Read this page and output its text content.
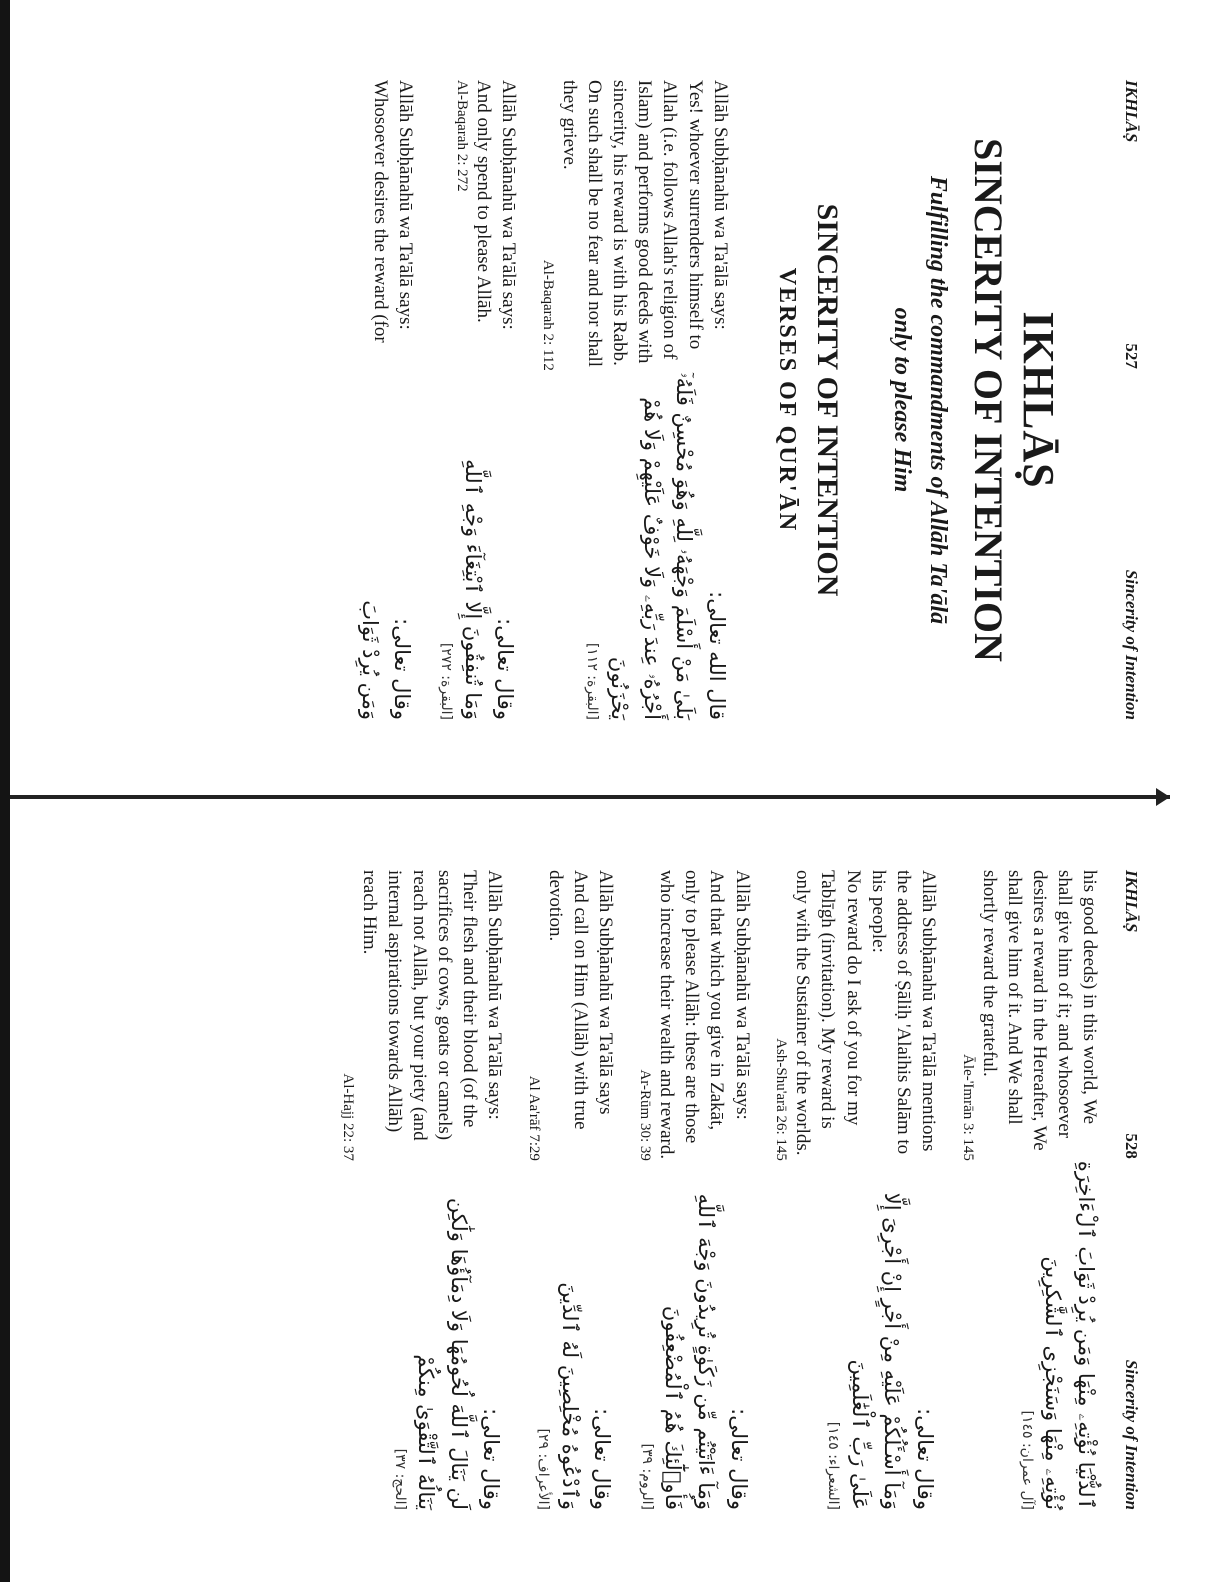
IKHLĀṢ
527
Sincerity of Intention
IKHLĀṢ
SINCERITY OF INTENTION
Fulfilling the commandments of Allāh Ta'ālā only to please Him
SINCERITY OF INTENTION
VERSES OF QUR'ĀN
Allāh Subḥānahū wa Ta'ālā says:
Yes! whoever surrenders himself to Allah (i.e. follows Allah's religion of Islam) and performs good deeds with sincerity, his reward is with his Rabb. On such shall be no fear and nor shall they grieve.
Al-Baqarah 2: 112
قال الله تعالى:
بَلَىٰ مَنْ أَسْلَمَ وَجْهَهُۥ لِلَّهِ وَهُوَ مُحْسِنٌ فَلَهُۥٓ أَجْرُهُۥ عِندَ رَبِّهِۦ وَلَا خَوْفٌ عَلَيْهِمْ وَلَا هُمْ يَحْزَنُونَ
[البقرة: ١١٢]
Allāh Subḥānahū wa Ta'ālā says:
And only spend to please Allāh.
Al-Baqarah 2: 272
وقال تعالى:
وَمَا تُنفِقُونَ إِلَّا ٱبْتِغَآءَ وَجْهِ ٱللَّهِ
[البقرة: ٢٧٢]
Allāh Subḥānahū wa Ta'ālā says:
Whosoever desires the reward (for
وقال تعالى:
وَمَن يُرِدْ ثَوَابَ
IKHLĀṢ
528
Sincerity of Intention
his good deeds) in this world, We shall give him of it; and whosoever desires a reward in the Hereafter, We shall give him of it. And We shall shortly reward the grateful.
Āle-'Imrān 3: 145
ٱلدُّنْيَا نُؤْتِهِۦ مِنْهَا وَمَن يُرِدْ ثَوَابَ ٱلْءَاخِرَةِ نُؤْتِهِۦ مِنْهَا وَسَنَجْزِى ٱلشَّٰكِرِينَ
[آل عمران: ١٤٥]
Allāh Subḥānahū wa Ta'ālā mentions the address of Ṣāliḥ 'Alaihis Salām to his people:
No reward do I ask of you for my Tablīgh (invitation). My reward is only with the Sustainer of the worlds.
Ash-Shu'arā 26: 145
وقال تعالى:
وَمَآ أَسْـَٔلُكُمْ عَلَيْهِ مِنْ أَجْرٍ إِنْ أَجْرِىَ إِلَّا عَلَىٰ رَبِّ ٱلْعَٰلَمِينَ
[الشعراء: ١٤٥]
Allāh Subḥānahū wa Ta'ālā says:
And that which you give in Zakāt, only to please Allāh: these are those who increase their wealth and reward.
Ar-Rūm 30: 39
وقال تعالى:
وَمَآ ءَاتَيْتُم مِّن زَكَوٰةٍ تُرِيدُونَ وَجْهَ ٱللَّهِ فَأُو۟لَٰٓئِكَ هُمُ ٱلْمُضْعِفُونَ
[الروم: ٣٩]
Allāh Subḥānahū wa Ta'ālā says
And call on Him (Allāh) with true devotion.
Al Aa'rāf 7:29
وقال تعالى:
وَٱدْعُوهُ مُخْلِصِينَ لَهُ ٱلدِّينَ
[الأعراف: ٢٩]
Allāh Subḥānahū wa Ta'ālā says:
Their flesh and their blood (of the sacrifices of cows, goats or camels) reach not Allāh, but your piety (and internal aspirations towards Allāh) reach Him.
Al-Hajj 22: 37
وقال تعالى:
لَن يَنَالَ ٱللَّهَ لُحُومُهَا وَلَا دِمَآؤُهَا وَلَٰكِن يَنَالُهُ ٱلتَّقْوَىٰ مِنكُمْ
[الحج: ٣٧]
